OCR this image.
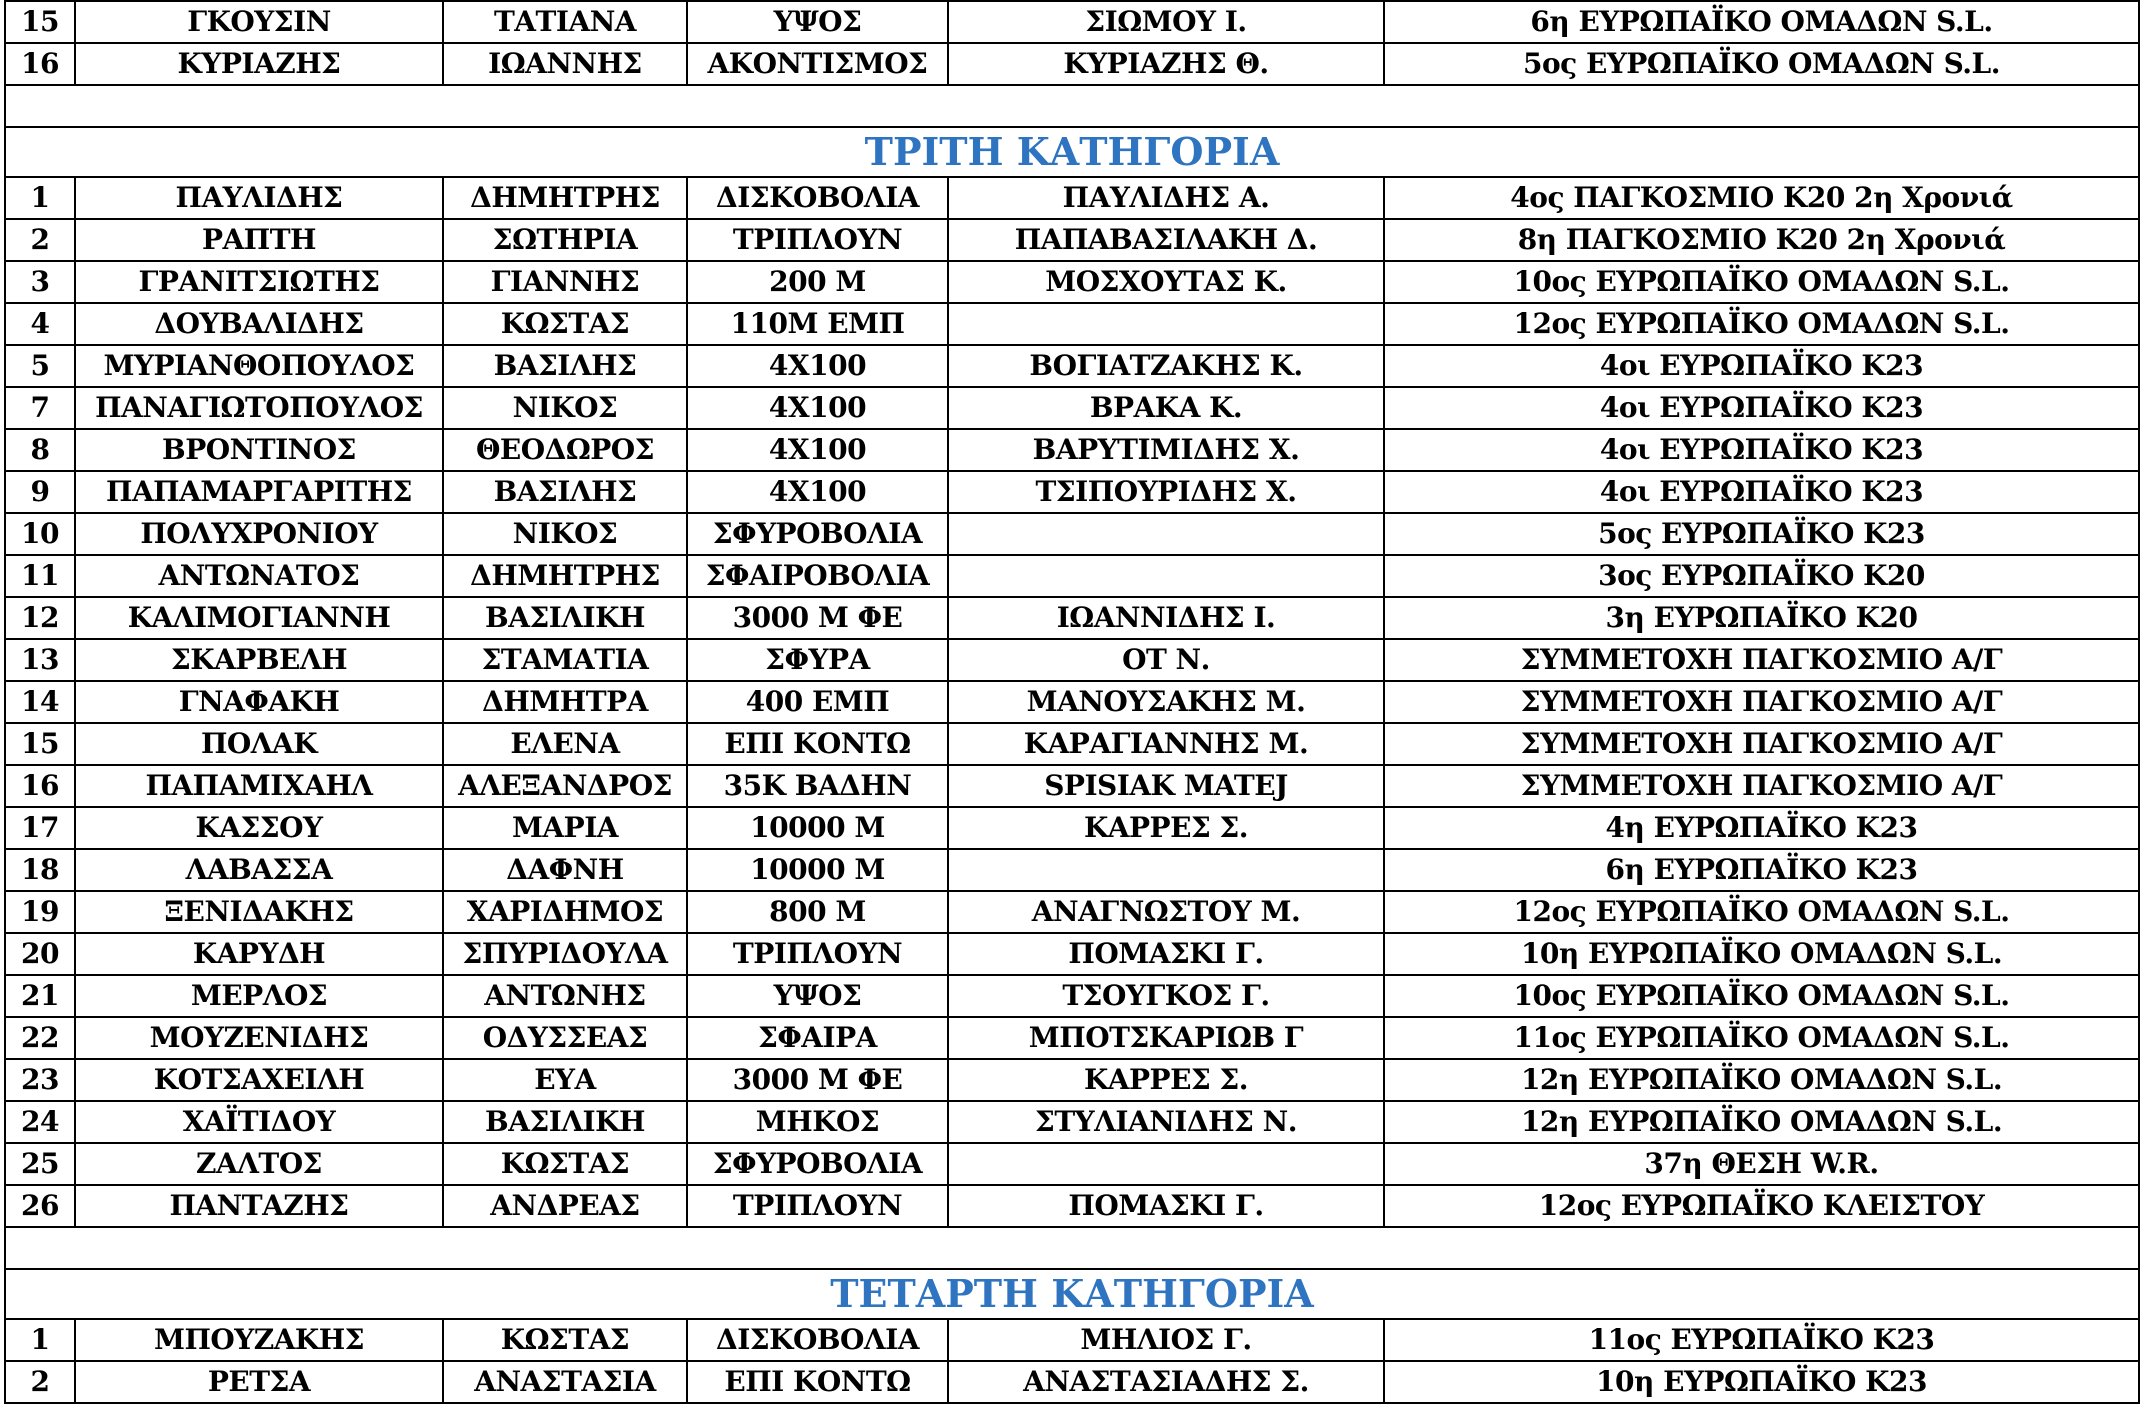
15	ΓΚΟΥΣΙΝ	ΤΑΤΙΑΝΑ	ΥΨΟΣ	ΣΙΩΜΟΥ Ι.	6η ΕΥΡΩΠΑΪΚΟ ΟΜΑΔΩΝ S.L.
16	ΚΥΡΙΑΖΗΣ	ΙΩΑΝΝΗΣ	ΑΚΟΝΤΙΣΜΟΣ	ΚΥΡΙΑΖΗΣ Θ.	5ος ΕΥΡΩΠΑΪΚΟ ΟΜΑΔΩΝ S.L.

ΤΡΙΤΗ ΚΑΤΗΓΟΡΙΑ					
1	ΠΑΥΛΙΔΗΣ	ΔΗΜΗΤΡΗΣ	ΔΙΣΚΟΒΟΛΙΑ	ΠΑΥΛΙΔΗΣ Α.	4ος ΠΑΓΚΟΣΜΙΟ Κ20 2η Χρονιά
2	ΡΑΠΤΗ	ΣΩΤΗΡΙΑ	ΤΡΙΠΛΟΥΝ	ΠΑΠΑΒΑΣΙΛΑΚΗ Δ.	8η ΠΑΓΚΟΣΜΙΟ Κ20 2η Χρονιά
3	ΓΡΑΝΙΤΣΙΩΤΗΣ	ΓΙΑΝΝΗΣ	200 Μ	ΜΟΣΧΟΥΤΑΣ Κ.	10ος ΕΥΡΩΠΑΪΚΟ ΟΜΑΔΩΝ S.L.
4	ΔΟΥΒΑΛΙΔΗΣ	ΚΩΣΤΑΣ	110Μ ΕΜΠ		12ος ΕΥΡΩΠΑΪΚΟ ΟΜΑΔΩΝ S.L.
5	ΜΥΡΙΑΝΘΟΠΟΥΛΟΣ	ΒΑΣΙΛΗΣ	4Χ100	ΒΟΓΙΑΤΖΑΚΗΣ Κ.	4οι ΕΥΡΩΠΑΪΚΟ Κ23
7	ΠΑΝΑΓΙΩΤΟΠΟΥΛΟΣ	ΝΙΚΟΣ	4Χ100	ΒΡΑΚΑ Κ.	4οι ΕΥΡΩΠΑΪΚΟ Κ23
8	ΒΡΟΝΤΙΝΟΣ	ΘΕΟΔΩΡΟΣ	4Χ100	ΒΑΡΥΤΙΜΙΔΗΣ Χ.	4οι ΕΥΡΩΠΑΪΚΟ Κ23
9	ΠΑΠΑΜΑΡΓΑΡΙΤΗΣ	ΒΑΣΙΛΗΣ	4Χ100	ΤΣΙΠΟΥΡΙΔΗΣ Χ.	4οι ΕΥΡΩΠΑΪΚΟ Κ23
10	ΠΟΛΥΧΡΟΝΙΟΥ	ΝΙΚΟΣ	ΣΦΥΡΟΒΟΛΙΑ		5ος ΕΥΡΩΠΑΪΚΟ Κ23
11	ΑΝΤΩΝΑΤΟΣ	ΔΗΜΗΤΡΗΣ	ΣΦΑΙΡΟΒΟΛΙΑ		3ος ΕΥΡΩΠΑΪΚΟ Κ20
12	ΚΑΛΙΜΟΓΙΑΝΝΗ	ΒΑΣΙΛΙΚΗ	3000 Μ ΦΕ	ΙΩΑΝΝΙΔΗΣ Ι.	3η ΕΥΡΩΠΑΪΚΟ Κ20
13	ΣΚΑΡΒΕΛΗ	ΣΤΑΜΑΤΙΑ	ΣΦΥΡΑ	ΟΤ Ν.	ΣΥΜΜΕΤΟΧΗ ΠΑΓΚΟΣΜΙΟ Α/Γ
14	ΓΝΑΦΑΚΗ	ΔΗΜΗΤΡΑ	400 ΕΜΠ	ΜΑΝΟΥΣΑΚΗΣ Μ.	ΣΥΜΜΕΤΟΧΗ ΠΑΓΚΟΣΜΙΟ Α/Γ
15	ΠΟΛΑΚ	ΕΛΕΝΑ	ΕΠΙ ΚΟΝΤΩ	ΚΑΡΑΓΙΑΝΝΗΣ Μ.	ΣΥΜΜΕΤΟΧΗ ΠΑΓΚΟΣΜΙΟ Α/Γ
16	ΠΑΠΑΜΙΧΑΗΛ	ΑΛΕΞΑΝΔΡΟΣ	35Κ ΒΑΔΗΝ	SPISIAK MATEJ	ΣΥΜΜΕΤΟΧΗ ΠΑΓΚΟΣΜΙΟ Α/Γ
17	ΚΑΣΣΟΥ	ΜΑΡΙΑ	10000 Μ	ΚΑΡΡΕΣ Σ.	4η ΕΥΡΩΠΑΪΚΟ Κ23
18	ΛΑΒΑΣΣΑ	ΔΑΦΝΗ	10000 Μ		6η ΕΥΡΩΠΑΪΚΟ Κ23
19	ΞΕΝΙΔΑΚΗΣ	ΧΑΡΙΔΗΜΟΣ	800 Μ	ΑΝΑΓΝΩΣΤΟΥ Μ.	12ος ΕΥΡΩΠΑΪΚΟ ΟΜΑΔΩΝ S.L.
20	ΚΑΡΥΔΗ	ΣΠΥΡΙΔΟΥΛΑ	ΤΡΙΠΛΟΥΝ	ΠΟΜΑΣΚΙ Γ.	10η ΕΥΡΩΠΑΪΚΟ ΟΜΑΔΩΝ S.L.
21	ΜΕΡΛΟΣ	ΑΝΤΩΝΗΣ	ΥΨΟΣ	ΤΣΟΥΓΚΟΣ Γ.	10ος ΕΥΡΩΠΑΪΚΟ ΟΜΑΔΩΝ S.L.
22	ΜΟΥΖΕΝΙΔΗΣ	ΟΔΥΣΣΕΑΣ	ΣΦΑΙΡΑ	ΜΠΟΤΣΚΑΡΙΩΒ Γ	11ος ΕΥΡΩΠΑΪΚΟ ΟΜΑΔΩΝ S.L.
23	ΚΟΤΣΑΧΕΙΛΗ	ΕΥΑ	3000 Μ ΦΕ	ΚΑΡΡΕΣ Σ.	12η ΕΥΡΩΠΑΪΚΟ ΟΜΑΔΩΝ S.L.
24	ΧΑΪΤΙΔΟΥ	ΒΑΣΙΛΙΚΗ	ΜΗΚΟΣ	ΣΤΥΛΙΑΝΙΔΗΣ Ν.	12η ΕΥΡΩΠΑΪΚΟ ΟΜΑΔΩΝ S.L.
25	ΖΑΛΤΟΣ	ΚΩΣΤΑΣ	ΣΦΥΡΟΒΟΛΙΑ		37η ΘΕΣΗ W.R.
26	ΠΑΝΤΑΖΗΣ	ΑΝΔΡΕΑΣ	ΤΡΙΠΛΟΥΝ	ΠΟΜΑΣΚΙ Γ.	12ος ΕΥΡΩΠΑΪΚΟ ΚΛΕΙΣΤΟΥ

ΤΕΤΑΡΤΗ ΚΑΤΗΓΟΡΙΑ					
1	ΜΠΟΥΖΑΚΗΣ	ΚΩΣΤΑΣ	ΔΙΣΚΟΒΟΛΙΑ	ΜΗΛΙΟΣ Γ.	11ος ΕΥΡΩΠΑΪΚΟ Κ23
2	ΡΕΤΣΑ	ΑΝΑΣΤΑΣΙΑ	ΕΠΙ ΚΟΝΤΩ	ΑΝΑΣΤΑΣΙΑΔΗΣ Σ.	10η ΕΥΡΩΠΑΪΚΟ Κ23
